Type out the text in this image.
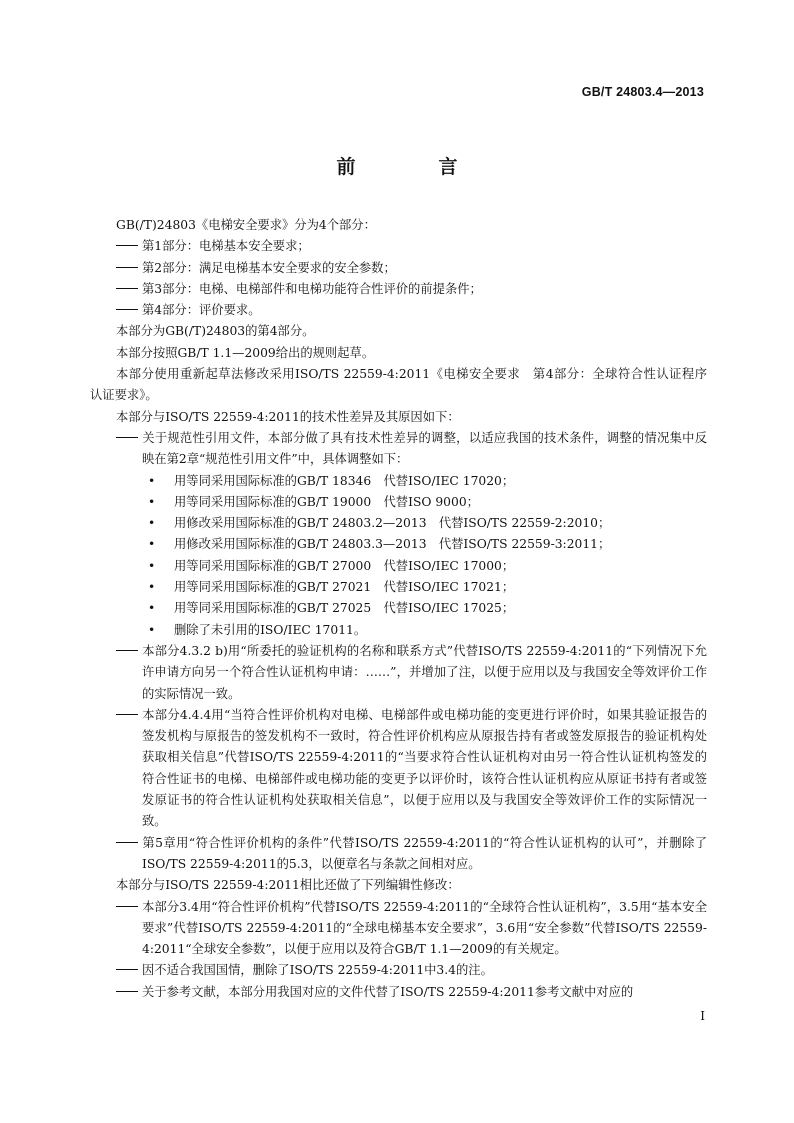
GB/T 24803.4—2013
前　言

GB(/T)24803《电梯安全要求》分为4个部分：

第1部分：电梯基本安全要求；

第2部分：满足电梯基本安全要求的安全参数；

第3部分：电梯、电梯部件和电梯功能符合性评价的前提条件；

第4部分：评价要求。

本部分为GB(/T)24803的第4部分。

本部分按照GB/T 1.1—2009给出的规则起草。

本部分使用重新起草法修改采用ISO/TS 22559-4:2011《电梯安全要求　第4部分：全球符合性认证程序　认证要求》。

本部分与ISO/TS 22559-4:2011的技术性差异及其原因如下：

关于规范性引用文件，本部分做了具有技术性差异的调整，以适应我国的技术条件，调整的情况集中反映在第2章“规范性引用文件”中，具体调整如下：

• 用等同采用国际标准的GB/T 18346　代替ISO/IEC 17020；

• 用等同采用国际标准的GB/T 19000　代替ISO 9000；

• 用修改采用国际标准的GB/T 24803.2—2013　代替ISO/TS 22559-2:2010；

• 用修改采用国际标准的GB/T 24803.3—2013　代替ISO/TS 22559-3:2011；

• 用等同采用国际标准的GB/T 27000　代替ISO/IEC 17000；

• 用等同采用国际标准的GB/T 27021　代替ISO/IEC 17021；

• 用等同采用国际标准的GB/T 27025　代替ISO/IEC 17025；

• 删除了未引用的ISO/IEC 17011。

本部分4.3.2 b)用“所委托的验证机构的名称和联系方式”代替ISO/TS 22559-4:2011的“下列情况下允许申请方向另一个符合性认证机构申请：……”，并增加了注，以便于应用以及与我国安全等效评价工作的实际情况一致。

本部分4.4.4用“当符合性评价机构对电梯、电梯部件或电梯功能的变更进行评价时，如果其验证报告的签发机构与原报告的签发机构不一致时，符合性评价机构应从原报告持有者或签发原报告的验证机构处获取相关信息”代替ISO/TS 22559-4:2011的“当要求符合性认证机构对由另一符合性认证机构签发的符合性证书的电梯、电梯部件或电梯功能的变更予以评价时，该符合性认证机构应从原证书持有者或签发原证书的符合性认证机构处获取相关信息”，以便于应用以及与我国安全等效评价工作的实际情况一致。

第5章用“符合性评价机构的条件”代替ISO/TS 22559-4:2011的“符合性认证机构的认可”，并删除了ISO/TS 22559-4:2011的5.3，以便章名与条款之间相对应。

本部分与ISO/TS 22559-4:2011相比还做了下列编辑性修改：

本部分3.4用“符合性评价机构”代替ISO/TS 22559-4:2011的“全球符合性认证机构”，3.5用“基本安全要求”代替ISO/TS 22559-4:2011的“全球电梯基本安全要求”，3.6用“安全参数”代替ISO/TS 22559-4:2011“全球安全参数”，以便于应用以及符合GB/T 1.1—2009的有关规定。

因不适合我国国情，删除了ISO/TS 22559-4:2011中3.4的注。

关于参考文献，本部分用我国对应的文件代替了ISO/TS 22559-4:2011参考文献中对应的

I
